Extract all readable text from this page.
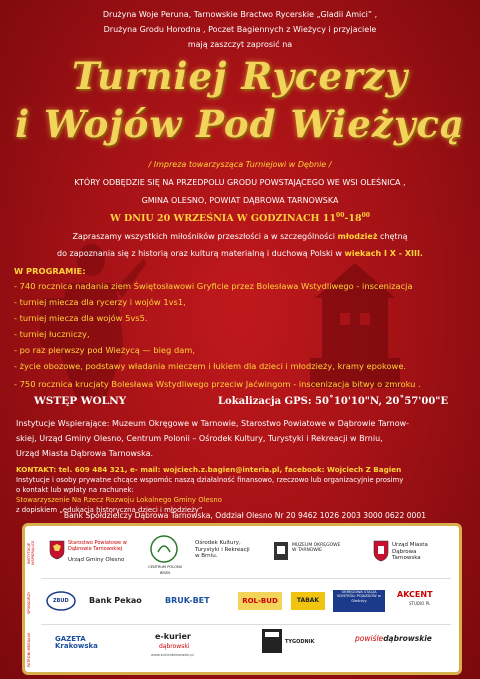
Drużyna Woje Peruna, Tarnowskie Bractwo Rycerskie „Gladii Amici” ,
Drużyna Grodu Horodna , Poczet Bagiennych z Wieżycy i przyjaciele
mają zaszczyt zaprosić na
Turniej Rycerzy
i Wojów Pod Wieżycą
/ Impreza towarzysząca Turniejowi w Dębnie /
KTÓRY ODBĘDZIE SIĘ NA PRZEDPOLU GRODU POWSTAJĄCEGO WE WSI OLEŚNICA ,
GMINA OLESNO, POWIAT DĄBROWA TARNOWSKA
W DNIU 20 WRZEŚNIA W GODZINACH $11^{00}-18^{00}$
Zapraszamy wszystkich miłośników przeszłości a w szczególności młodzież chętną
do zapoznania się z historią oraz kulturą materialną i duchową Polski w wiekach I X - XIII.
W PROGRAMIE:
- 740 rocznica nadania ziem Świętosławowi Gryficie przez Bolesława Wstydliwego - inscenizacja
- turniej miecza dla rycerzy i wojów 1vs1,
- turniej miecza dla wojów 5vs5.
- turniej łuczniczy,
- po raz pierwszy pod Wieżycą — bieg dam,
- życie obozowe, podstawy władania mieczem i łukiem dla dzieci i młodzieży, kramy epokowe.
- 750 rocznica krucjaty Bolesława Wstydliwego przeciw Jaćwingom - inscenizacja bitwy o zmroku .
WSTĘP WOLNY	Lokalizacja GPS: 50˚10'10"N, 20˚57'00"E
Instytucje Wspierające: Muzeum Okręgowe w Tarnowie, Starostwo Powiatowe w Dąbrowie Tarnow-
skiej, Urząd Gminy Olesno, Centrum Polonii – Ośrodek Kultury, Turystyki i Rekreacji w Brniu,
Urząd Miasta Dąbrowa Tarnowska.
KONTAKT: tel. 609 484 321, e- mail: wojciech.z.bagien@interia.pl, facebook: Wojciech Z Bagien
Instytucje i osoby prywatne chcące wspomóc naszą działalność finansowo, rzeczowo lub organizacyjnie prosimy
o kontakt lub wpłaty na rachunek:
Stowarzyszenie Na Rzecz Rozwoju Lokalnego Gminy Olesno
z dopiskiem „edukacja historyczna dzieci i młodzieży”
Bank Spółdzielczy Dąbrowa Tarnowska, Oddział Olesno Nr 20 9462 1026 2003 3000 0622 0001
INSTYTUCJE WSPIERAJĄCE
SPONSORZY
PATRONI MEDIALNI
Starostwo Powiatowe w Dąbrowie Tarnowskiej
Urząd Gminy Olesno
CENTRUM POLONII
BRZN
Ośrodek Kultury, Turystyki i Rekreacji w Brniu.
MUZEUM OKRĘGOWE W TARNOWIE
Urząd Miasta Dąbrowa Tarnowska
ZBUD	Bank Pekao	BRUK-BET	ROL-BUD	TABAK
OKRĘGOWA STACJA KONTROLI POJAZDÓW w Oleśnicy
AKCENT
STUDIO PL
GAZETA Krakowska
e-kurier
dąbrowski
www.kurierdabrowski.pl
TYGODNIK	powiśledąbrowskie
